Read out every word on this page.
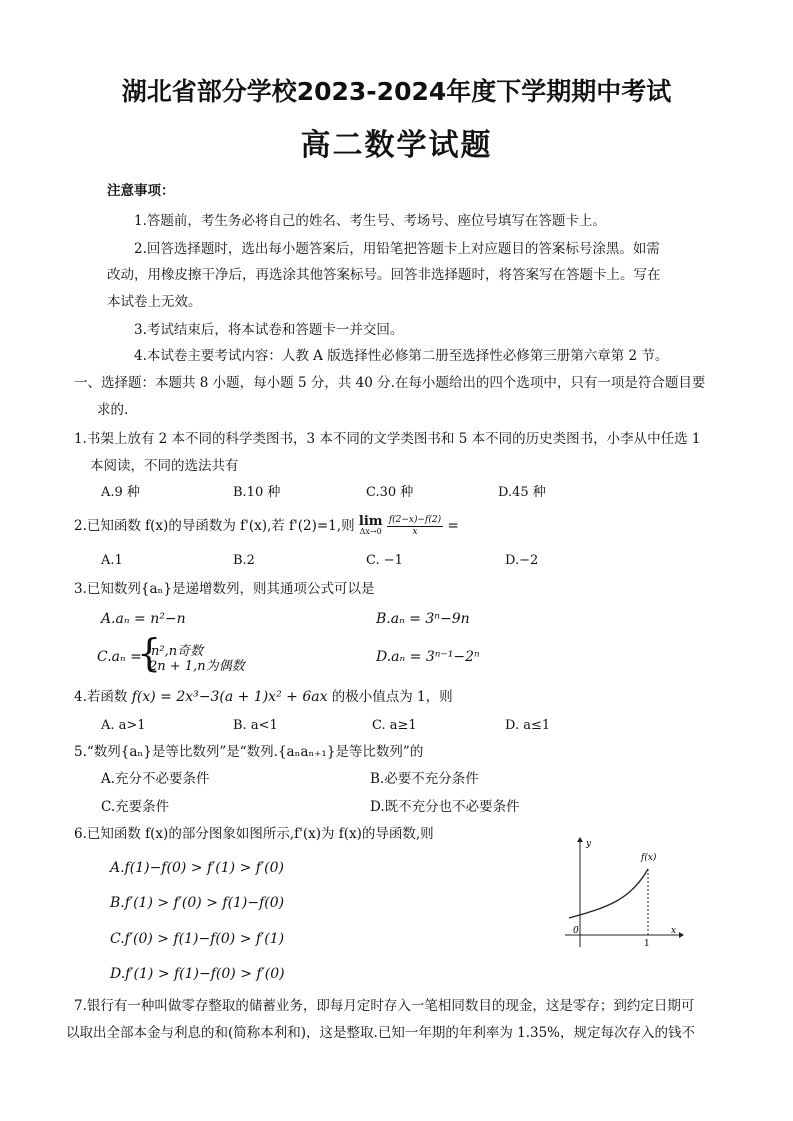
湖北省部分学校2023-2024年度下学期期中考试
高二数学试题
注意事项：
1.答题前，考生务必将自己的姓名、考生号、考场号、座位号填写在答题卡上。
2.回答选择题时，选出每小题答案后，用铅笔把答题卡上对应题目的答案标号涂黑。如需
改动，用橡皮擦干净后，再选涂其他答案标号。回答非选择题时，将答案写在答题卡上。写在
本试卷上无效。
3.考试结束后，将本试卷和答题卡一并交回。
4.本试卷主要考试内容：人教 A 版选择性必修第二册至选择性必修第三册第六章第 2 节。
一、选择题：本题共 8 小题，每小题 5 分，共 40 分.在每小题给出的四个选项中，只有一项是符合题目要
求的.
1.书架上放有 2 本不同的科学类图书，3 本不同的文学类图书和 5 本不同的历史类图书，小李从中任选 1
本阅读，不同的选法共有
A.9 种	B.10 种	C.30 种	D.45 种
2.已知函数 f(x)的导函数为 f'(x),若 f'(2)=1,则 lim
Δx→0
$\frac{f(2-x)-f(2)}{x}$ =
A.1	B.2	C. −1	D.−2
3.已知数列{aₙ}是递增数列，则其通项公式可以是
A.aₙ = n²−n	B.aₙ = 3ⁿ−9n
C.aₙ =
{
n²,n奇数
2n + 1,n为偶数
D.aₙ = 3ⁿ⁻¹−2ⁿ
4.若函数 f(x) = 2x³−3(a + 1)x² + 6ax 的极小值点为 1，则
A. a>1	B. a<1	C. a≥1	D. a≤1
5.“数列{aₙ}是等比数列”是“数列.{aₙaₙ₊₁}是等比数列”的
A.充分不必要条件	B.必要不充分条件
C.充要条件	D.既不充分也不必要条件
6.已知函数 f(x)的部分图象如图所示,f'(x)为 f(x)的导函数,则
A.f(1)−f(0) > f′(1) > f′(0)
B.f′(1) > f′(0) > f(1)−f(0)
C.f′(0) > f(1)−f(0) > f′(1)
D.f′(1) > f(1)−f(0) > f′(0)
y
x
0
1
f(x)
7.银行有一种叫做零存整取的储蓄业务，即每月定时存入一笔相同数目的现金，这是零存；到约定日期可
以取出全部本金与利息的和(简称本利和)，这是整取.已知一年期的年利率为 1.35%，规定每次存入的钱不
